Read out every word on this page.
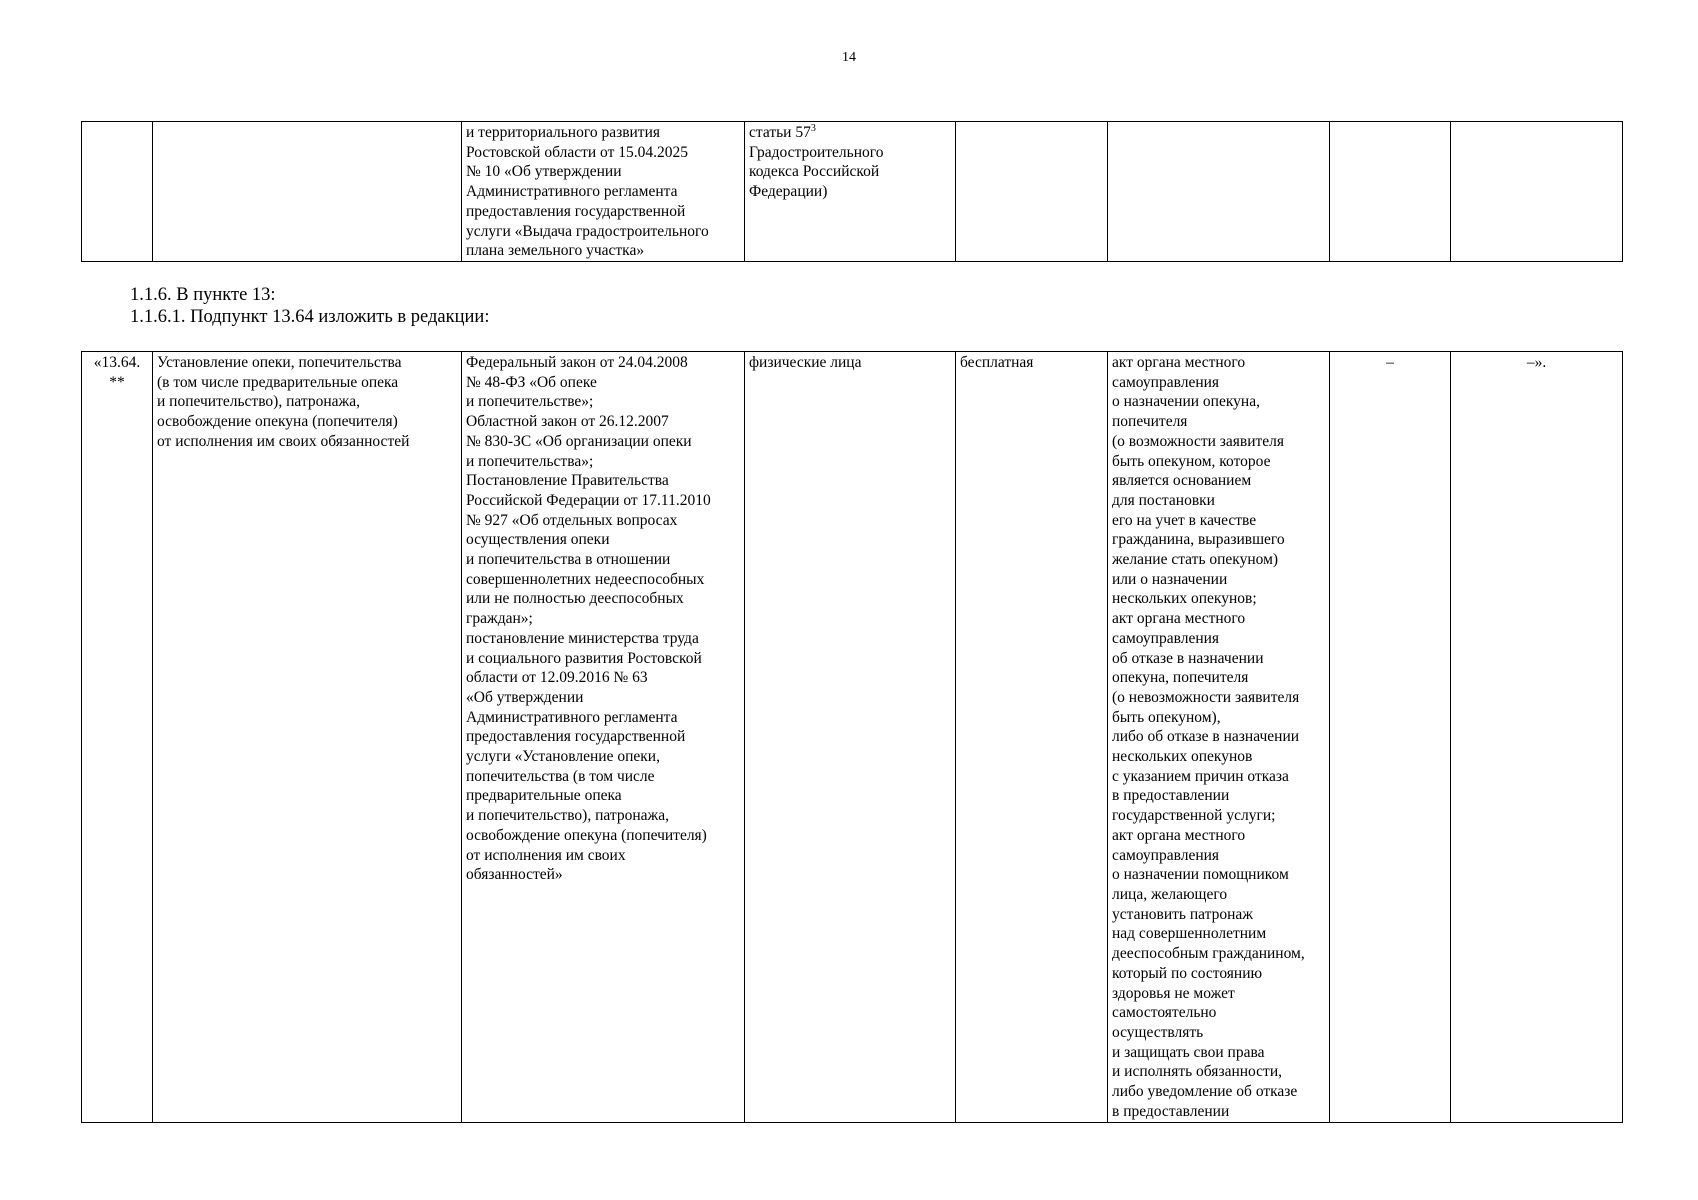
14
		и территориального развития
Ростовской области от 15.04.2025
№ 10 «Об утверждении
Административного регламента
предоставления государственной
услуги «Выдача градостроительного
плана земельного участка»	статьи $57^3$
Градостроительного
кодекса Российской
Федерации)				
1.1.6. В пункте 13:
1.1.6.1. Подпункт 13.64 изложить в редакции:
«13.64.
**	Установление опеки, попечительства
(в том числе предварительные опека
и попечительство), патронажа,
освобождение опекуна (попечителя)
от исполнения им своих обязанностей	Федеральный закон от 24.04.2008
№ 48-ФЗ «Об опеке
и попечительстве»;
Областной закон от 26.12.2007
№ 830-ЗС «Об организации опеки
и попечительства»;
Постановление Правительства
Российской Федерации от 17.11.2010
№ 927 «Об отдельных вопросах
осуществления опеки
и попечительства в отношении
совершеннолетних недееспособных
или не полностью дееспособных
граждан»;
постановление министерства труда
и социального развития Ростовской
области от 12.09.2016 № 63
«Об утверждении
Административного регламента
предоставления государственной
услуги «Установление опеки,
попечительства (в том числе
предварительные опека
и попечительство), патронажа,
освобождение опекуна (попечителя)
от исполнения им своих
обязанностей»	физические лица	бесплатная	акт органа местного
самоуправления
о назначении опекуна,
попечителя
(о возможности заявителя
быть опекуном, которое
является основанием
для постановки
его на учет в качестве
гражданина, выразившего
желание стать опекуном)
или о назначении
нескольких опекунов;
акт органа местного
самоуправления
об отказе в назначении
опекуна, попечителя
(о невозможности заявителя
быть опекуном),
либо об отказе в назначении
нескольких опекунов
с указанием причин отказа
в предоставлении
государственной услуги;
акт органа местного
самоуправления
о назначении помощником
лица, желающего
установить патронаж
над совершеннолетним
дееспособным гражданином,
который по состоянию
здоровья не может
самостоятельно
осуществлять
и защищать свои права
и исполнять обязанности,
либо уведомление об отказе
в предоставлении	–	–».
